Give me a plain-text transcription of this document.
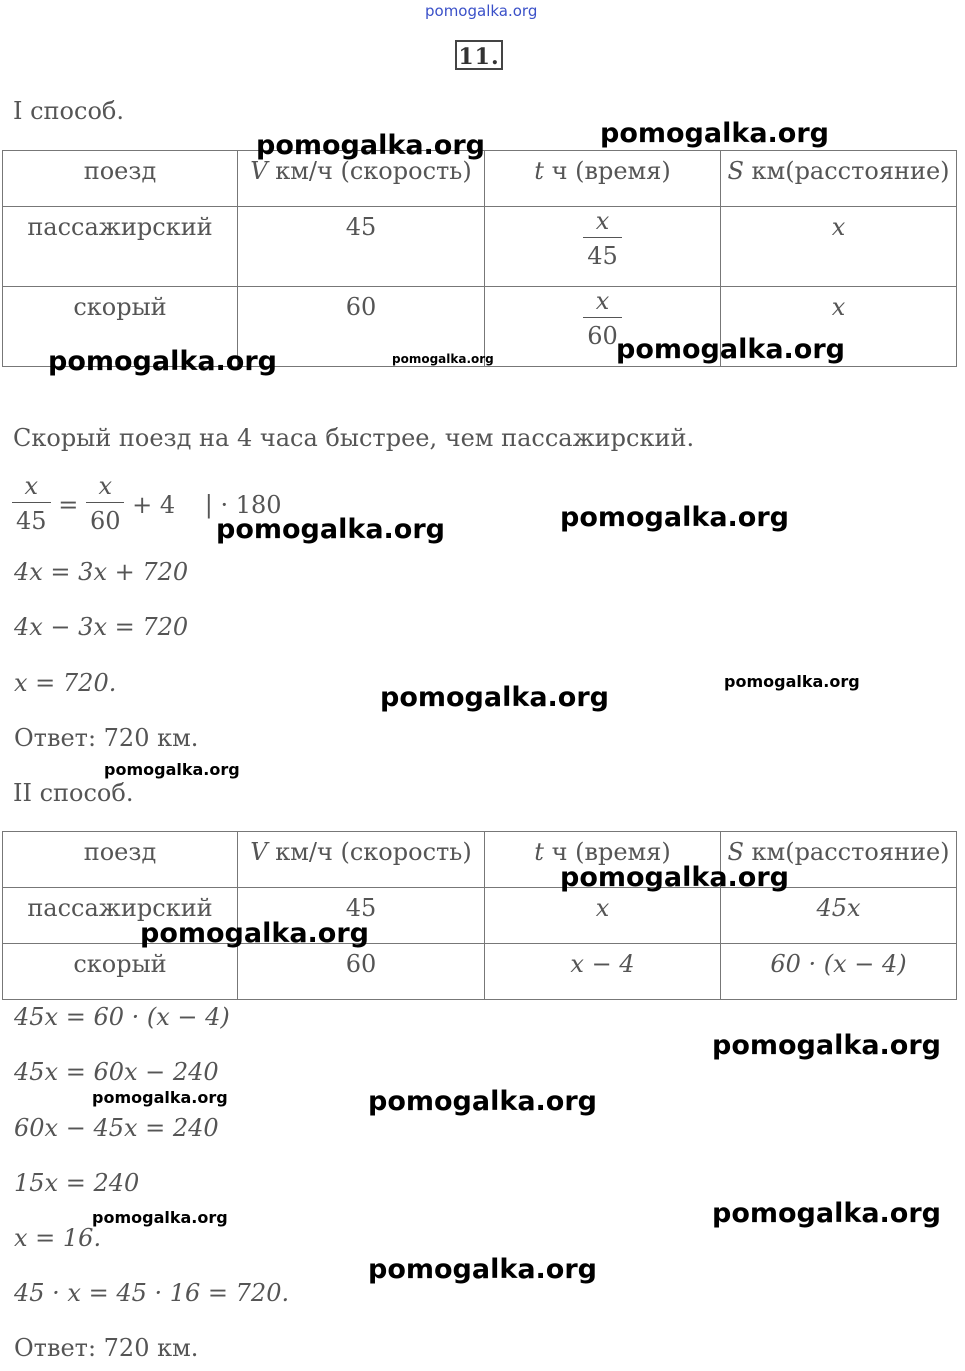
pomogalka.org
11.
I способ.
поезд	V км/ч (скорость)	t ч (время)	S км(расстояние)
пассажирский	45	$\frac{x}{45}$	x
скорый	60	$\frac{x}{60}$	x
Скорый поезд на 4 часа быстрее, чем пассажирский.
$\frac{x}{45} = \frac{x}{60} + 4$ | · 180
4x = 3x + 720
4x − 3x = 720
x = 720.
Ответ: 720 км.
II способ.
поезд	V км/ч (скорость)	t ч (время)	S км(расстояние)
пассажирский	45	x	45x
скорый	60	x − 4	60 · (x − 4)
45x = 60 · (x − 4)
45x = 60x − 240
60x − 45x = 240
15x = 240
x = 16.
45 · x = 45 · 16 = 720.
Ответ: 720 км.
pomogalka.org	pomogalka.org
pomogalka.org	pomogalka.org	pomogalka.org
pomogalka.org	pomogalka.org
pomogalka.org
pomogalka.org
pomogalka.org
pomogalka.org
pomogalka.org
pomogalka.org
pomogalka.org	pomogalka.org
pomogalka.org	pomogalka.org
pomogalka.org
